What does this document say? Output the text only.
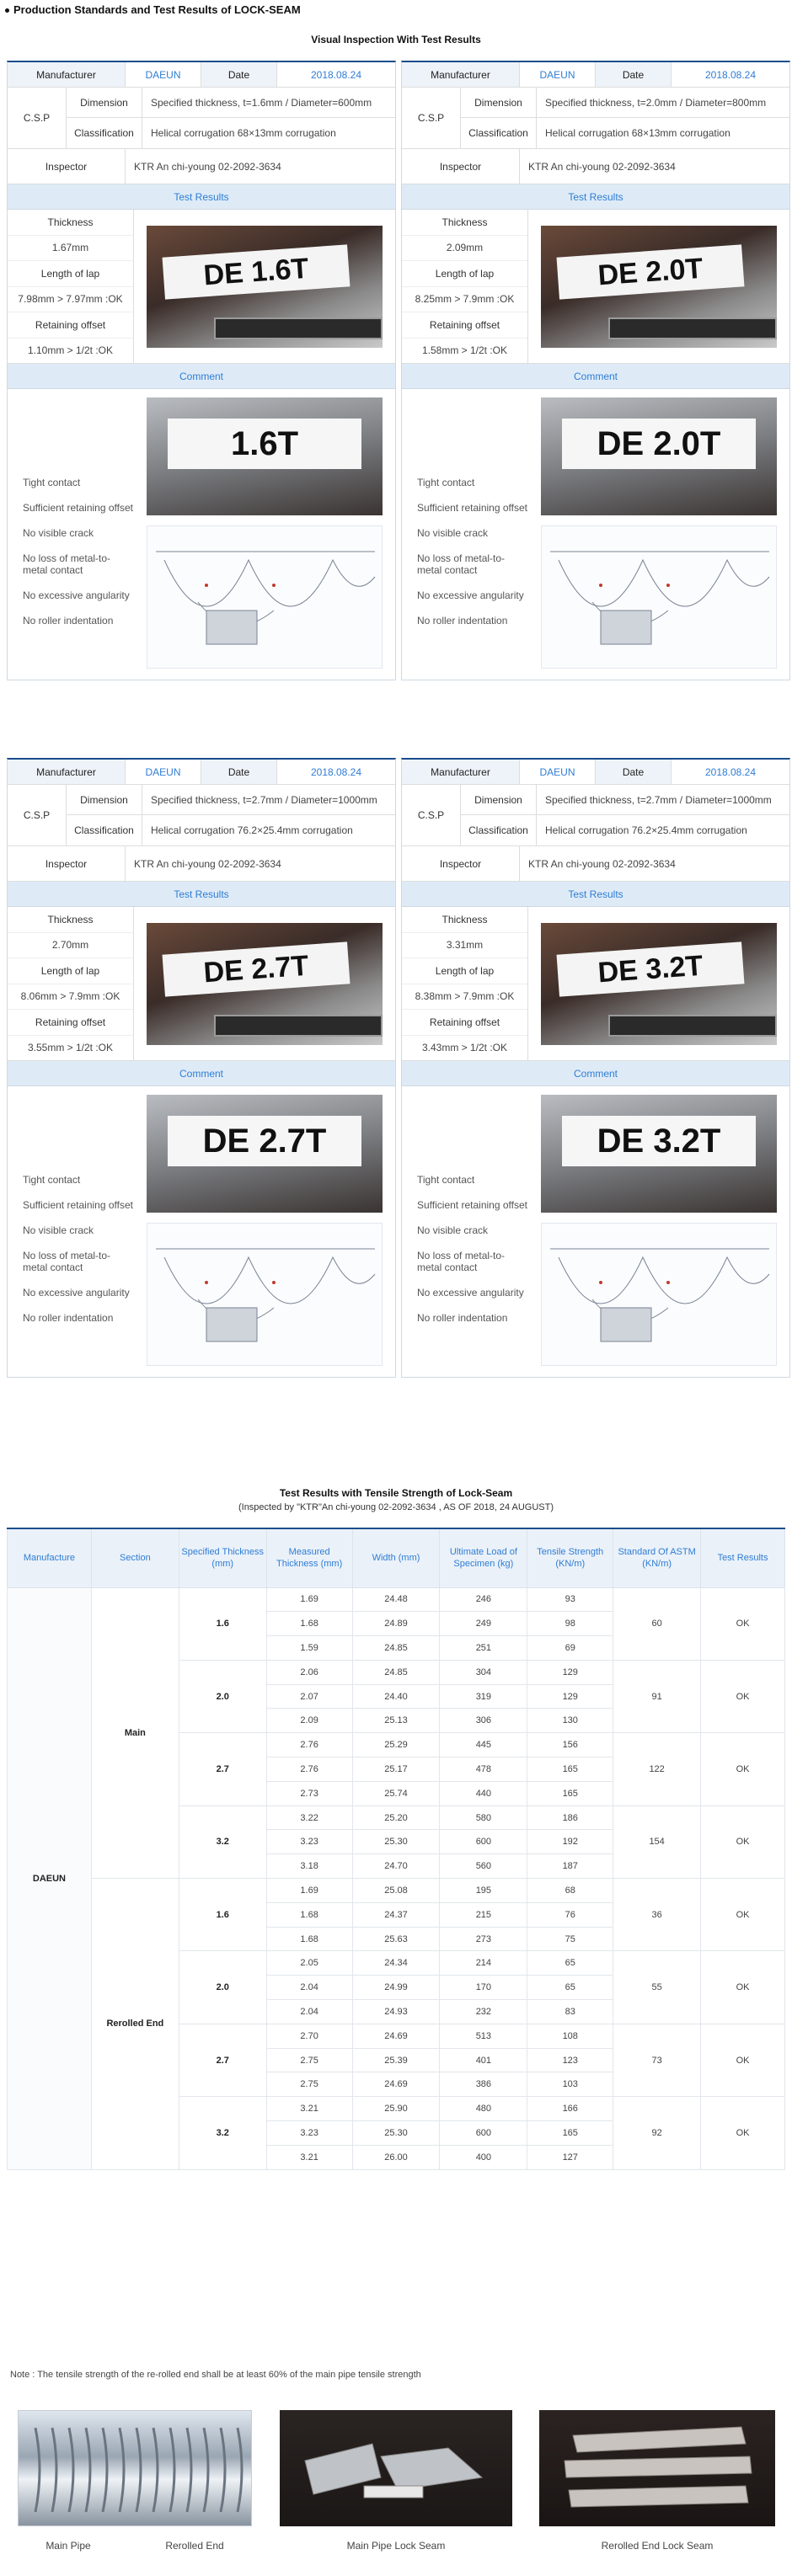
Production Standards and Test Results of LOCK-SEAM
Visual Inspection With Test Results
Manufacturer	DAEUN	Date	2018.08.24
C.S.P
Dimension	Specified thickness, t=1.6mm / Diameter=600mm
Classification	Helical corrugation 68×13mm corrugation
Inspector	KTR An chi-young 02-2092-3634
Test Results
Thickness
1.67mm
Length of lap
7.98mm > 7.97mm :OK
Retaining offset
1.10mm > 1/2t :OK
DE 1.6T
Comment
Tight contact
Sufficient retaining offset
No visible crack
No loss of metal-to-metal contact
No excessive angularity
No roller indentation
1.6T
Manufacturer	DAEUN	Date	2018.08.24
C.S.P
Dimension	Specified thickness, t=2.0mm / Diameter=800mm
Classification	Helical corrugation 68×13mm corrugation
Inspector	KTR An chi-young 02-2092-3634
Test Results
Thickness
2.09mm
Length of lap
8.25mm > 7.9mm :OK
Retaining offset
1.58mm > 1/2t :OK
DE 2.0T
Comment
Tight contact
Sufficient retaining offset
No visible crack
No loss of metal-to-metal contact
No excessive angularity
No roller indentation
DE 2.0T
Manufacturer	DAEUN	Date	2018.08.24
C.S.P
Dimension	Specified thickness, t=2.7mm / Diameter=1000mm
Classification	Helical corrugation 76.2×25.4mm corrugation
Inspector	KTR An chi-young 02-2092-3634
Test Results
Thickness
2.70mm
Length of lap
8.06mm > 7.9mm :OK
Retaining offset
3.55mm > 1/2t :OK
DE 2.7T
Comment
Tight contact
Sufficient retaining offset
No visible crack
No loss of metal-to-metal contact
No excessive angularity
No roller indentation
DE 2.7T
Manufacturer	DAEUN	Date	2018.08.24
C.S.P
Dimension	Specified thickness, t=2.7mm / Diameter=1000mm
Classification	Helical corrugation 76.2×25.4mm corrugation
Inspector	KTR An chi-young 02-2092-3634
Test Results
Thickness
3.31mm
Length of lap
8.38mm > 7.9mm :OK
Retaining offset
3.43mm > 1/2t :OK
DE 3.2T
Comment
Tight contact
Sufficient retaining offset
No visible crack
No loss of metal-to-metal contact
No excessive angularity
No roller indentation
DE 3.2T
Test Results with Tensile Strength of Lock-Seam
(Inspected by "KTR"An chi-young 02-2092-3634 , AS OF 2018, 24 AUGUST)
Manufacture	Section	Specified Thickness (mm)	Measured Thickness (mm)	Width (mm)	Ultimate Load of Specimen (kg)	Tensile Strength (KN/m)	Standard Of ASTM (KN/m)	Test Results
DAEUN	Main	1.6	1.69	24.48	246	93	60	OK
			1.68	24.89	249	98		
			1.59	24.85	251	69		
		2.0	2.06	24.85	304	129	91	OK
			2.07	24.40	319	129		
			2.09	25.13	306	130		
		2.7	2.76	25.29	445	156	122	OK
			2.76	25.17	478	165		
			2.73	25.74	440	165		
		3.2	3.22	25.20	580	186	154	OK
			3.23	25.30	600	192		
			3.18	24.70	560	187		
	Rerolled End	1.6	1.69	25.08	195	68	36	OK
			1.68	24.37	215	76		
			1.68	25.63	273	75		
		2.0	2.05	24.34	214	65	55	OK
			2.04	24.99	170	65		
			2.04	24.93	232	83		
		2.7	2.70	24.69	513	108	73	OK
			2.75	25.39	401	123		
			2.75	24.69	386	103		
		3.2	3.21	25.90	480	166	92	OK
			3.23	25.30	600	165		
			3.21	26.00	400	127		
Note : The tensile strength of the re-rolled end shall be at least 60% of the main pipe tensile strength
Main Pipe	Rerolled End	Main Pipe Lock Seam	Rerolled End Lock Seam
